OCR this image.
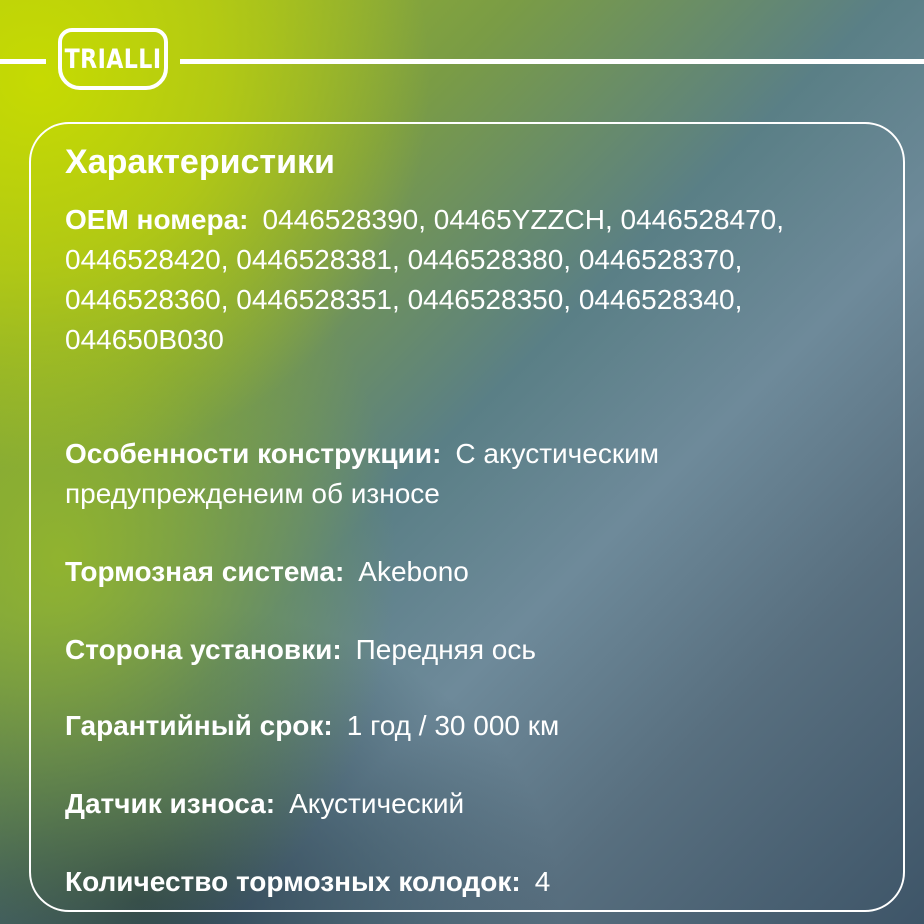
TRIALLI
Характеристики

OEM номера: 0446528390, 04465YZZCH, 0446528470, 0446528420, 0446528381, 0446528380, 0446528370, 0446528360, 0446528351, 0446528350, 0446528340, 044650B030

Особенности конструкции: С акустическим предупрежденеим об износе

Тормозная система: Akebono

Сторона установки: Передняя ось

Гарантийный срок: 1 год / 30 000 км

Датчик износа: Акустический

Количество тормозных колодок: 4
